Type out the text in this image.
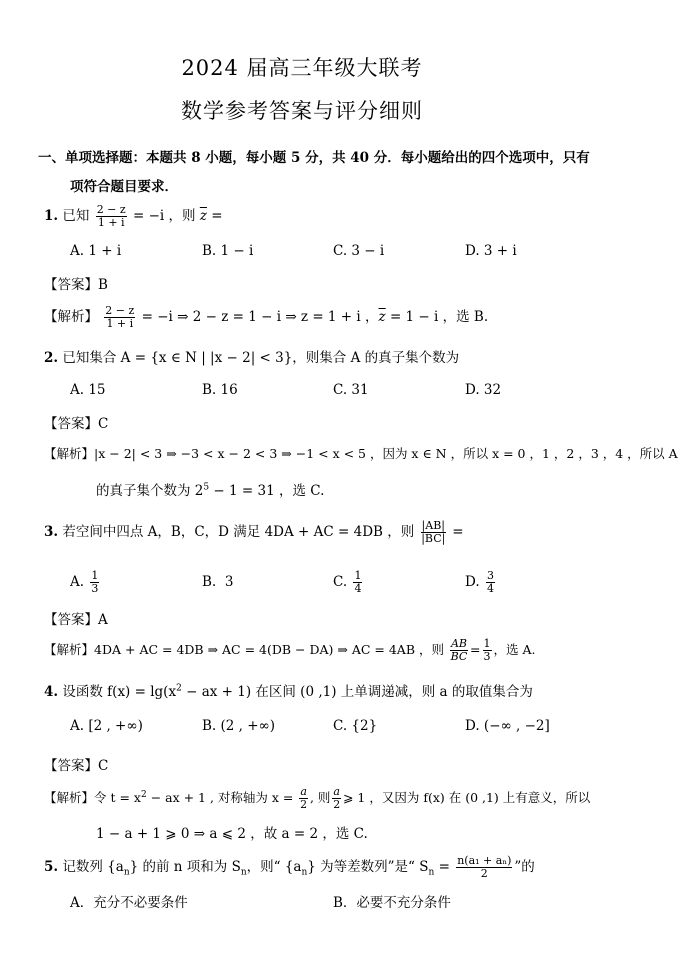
2024 届高三年级大联考
数学参考答案与评分细则
一、单项选择题：本题共 8 小题，每小题 5 分，共 40 分．每小题给出的四个选项中，只有
项符合题目要求．
1. 已知 $\frac{2 - z}{1 + i} = -i$ ，则 $\overline{z}$ =
A. 1 + i	B. 1 − i	C. 3 − i	D. 3 + i
【答案】B
【解析】 $\frac{2 - z}{1 + i} = -i$ ⇒ 2 − z = 1 − i ⇒ z = 1 + i ，$\overline{z} = 1 - i$ ，选 B.
2. 已知集合 A = {x ∈ N | |x − 2| < 3}，则集合 A 的真子集个数为
A. 15	B. 16	C. 31	D. 32
【答案】C
【解析】|x − 2| < 3 ⇒ −3 < x − 2 < 3 ⇒ −1 < x < 5 ，因为 x ∈ N ，所以 x = 0 ，1 ，2 ，3 ，4 ，所以 A
的真子集个数为 $2^5 - 1 = 31$ ，选 C.
3. 若空间中四点 A，B，C，D 满足 4DA + AC = 4DB ，则 $\frac{|AB|}{|BC|}$ =
A. $\frac{1}{3}$	B. 3	C. $\frac{1}{4}$	D. $\frac{3}{4}$
【答案】A
【解析】4DA + AC = 4DB ⇒ AC = 4(DB − DA) ⇒ AC = 4AB ，则 $\frac{AB}{BC} = \frac{1}{3}$ ，选 A.
4. 设函数 $f(x) = \lg(x^2$ − ax + 1) 在区间 (0 ,1) 上单调递减，则 a 的取值集合为
A. [2 , +∞)	B. (2 , +∞)	C. {2}	D. (−∞ , −2]
【答案】C
【解析】令 $t = x^2$ − ax + 1 , 对称轴为 $x = \frac{a}{2}$ , 则 $\frac{a}{2}$ ⩾ 1 ，又因为 f(x) 在 (0 ,1) 上有意义，所以
1 − a + 1 ⩾ 0 ⇒ a ⩽ 2 ，故 a = 2 ，选 C.
5. 记数列 $\{a_n\}$ 的前 n 项和为 $S_n$，则“ $\{a_n\}$ 为等差数列”是“ $S_n = \frac{\text{n(a₁ + aₙ)}}{2}$ ”的
A．充分不必要条件	B．必要不充分条件
